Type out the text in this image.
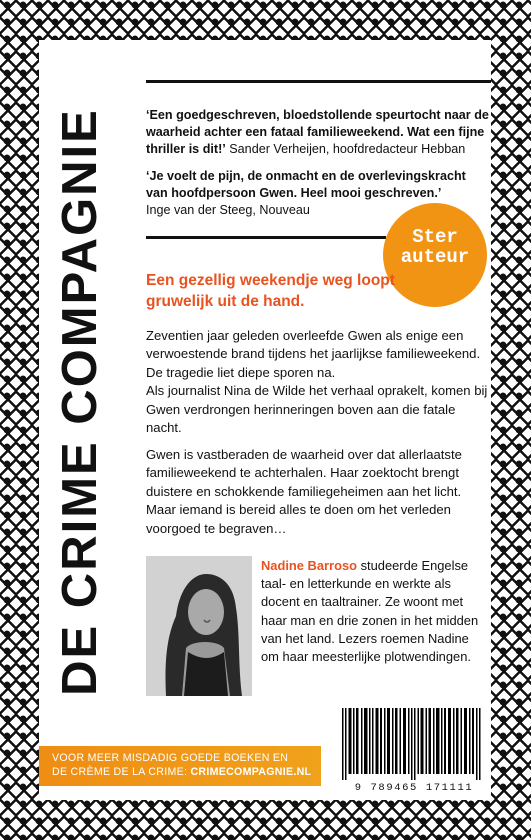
DE CRIME COMPAGNIE	‘Een goedgeschreven, bloedstollende speurtocht naar de waarheid achter een fataal familieweekend. Wat een fijne thriller is dit!’ Sander Verheijen, hoofdredacteur Hebban
‘Je voelt de pijn, de onmacht en de overlevingskracht van hoofdpersoon Gwen. Heel mooi geschreven.’
Inge van der Steeg, Nouveau
Ster
auteur
Een gezellig weekendje weg loopt gruwelijk uit de hand.
Zeventien jaar geleden overleefde Gwen als enige een verwoestende brand tijdens het jaarlijkse familieweekend. De tragedie liet diepe sporen na.
Als journalist Nina de Wilde het verhaal oprakelt, komen bij Gwen verdrongen herinneringen boven aan die fatale nacht.
Gwen is vastberaden de waarheid over dat allerlaatste familieweekend te achterhalen. Haar zoektocht brengt duistere en schokkende familiegeheimen aan het licht. Maar iemand is bereid alles te doen om het verleden voorgoed te begraven…
Nadine Barroso studeerde Engelse taal- en letterkunde en werkte als docent en taaltrainer. Ze woont met haar man en drie zonen in het midden van het land. Lezers roemen Nadine om haar meesterlijke plotwendingen.
VOOR MEER MISDADIG GOEDE BOEKEN EN
DE CRÈME DE LA CRIME: CRIMECOMPAGNIE.NL
9 789465 171111
